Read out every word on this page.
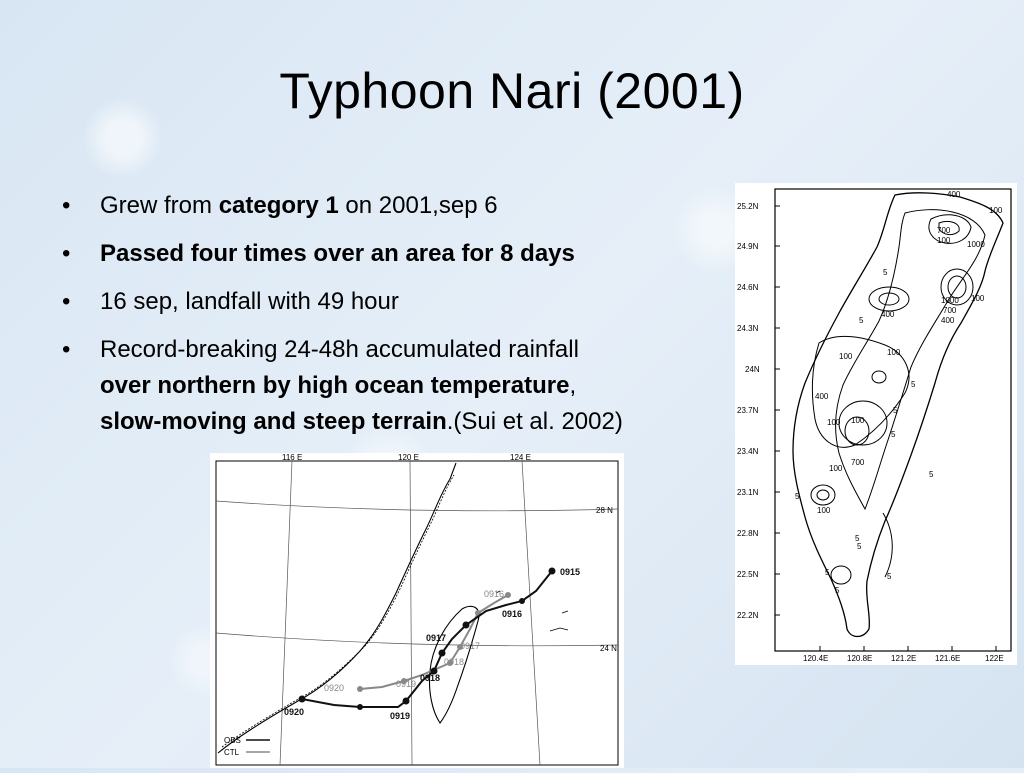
Typhoon Nari (2001)
• Grew from category 1 on 2001,sep 6
• Passed four times over an area for 8 days
• 16 sep, landfall with 49 hour
• Record-breaking 24-48h accumulated rainfall
over northern by high ocean temperature,
slow-moving and steep terrain.(Sui et al. 2002)
25.2N
24.9N
24.6N
24.3N
24N
23.7N
23.4N
23.1N
22.8N
22.5N
22.2N
120.4E 120.8E 121.2E 121.6E	122E
400
100
700
1000
100
5
1000
400
700
400
100
5
5
100	100
400
100
700
5
5
100
100
5
5
5
5
5
100
5
5
116 E	120 E	124 E
28 N
24 N
0915
0916
0917
0918
0919
0920
0916
0917
0918
0919
0920
OBS
CTL
